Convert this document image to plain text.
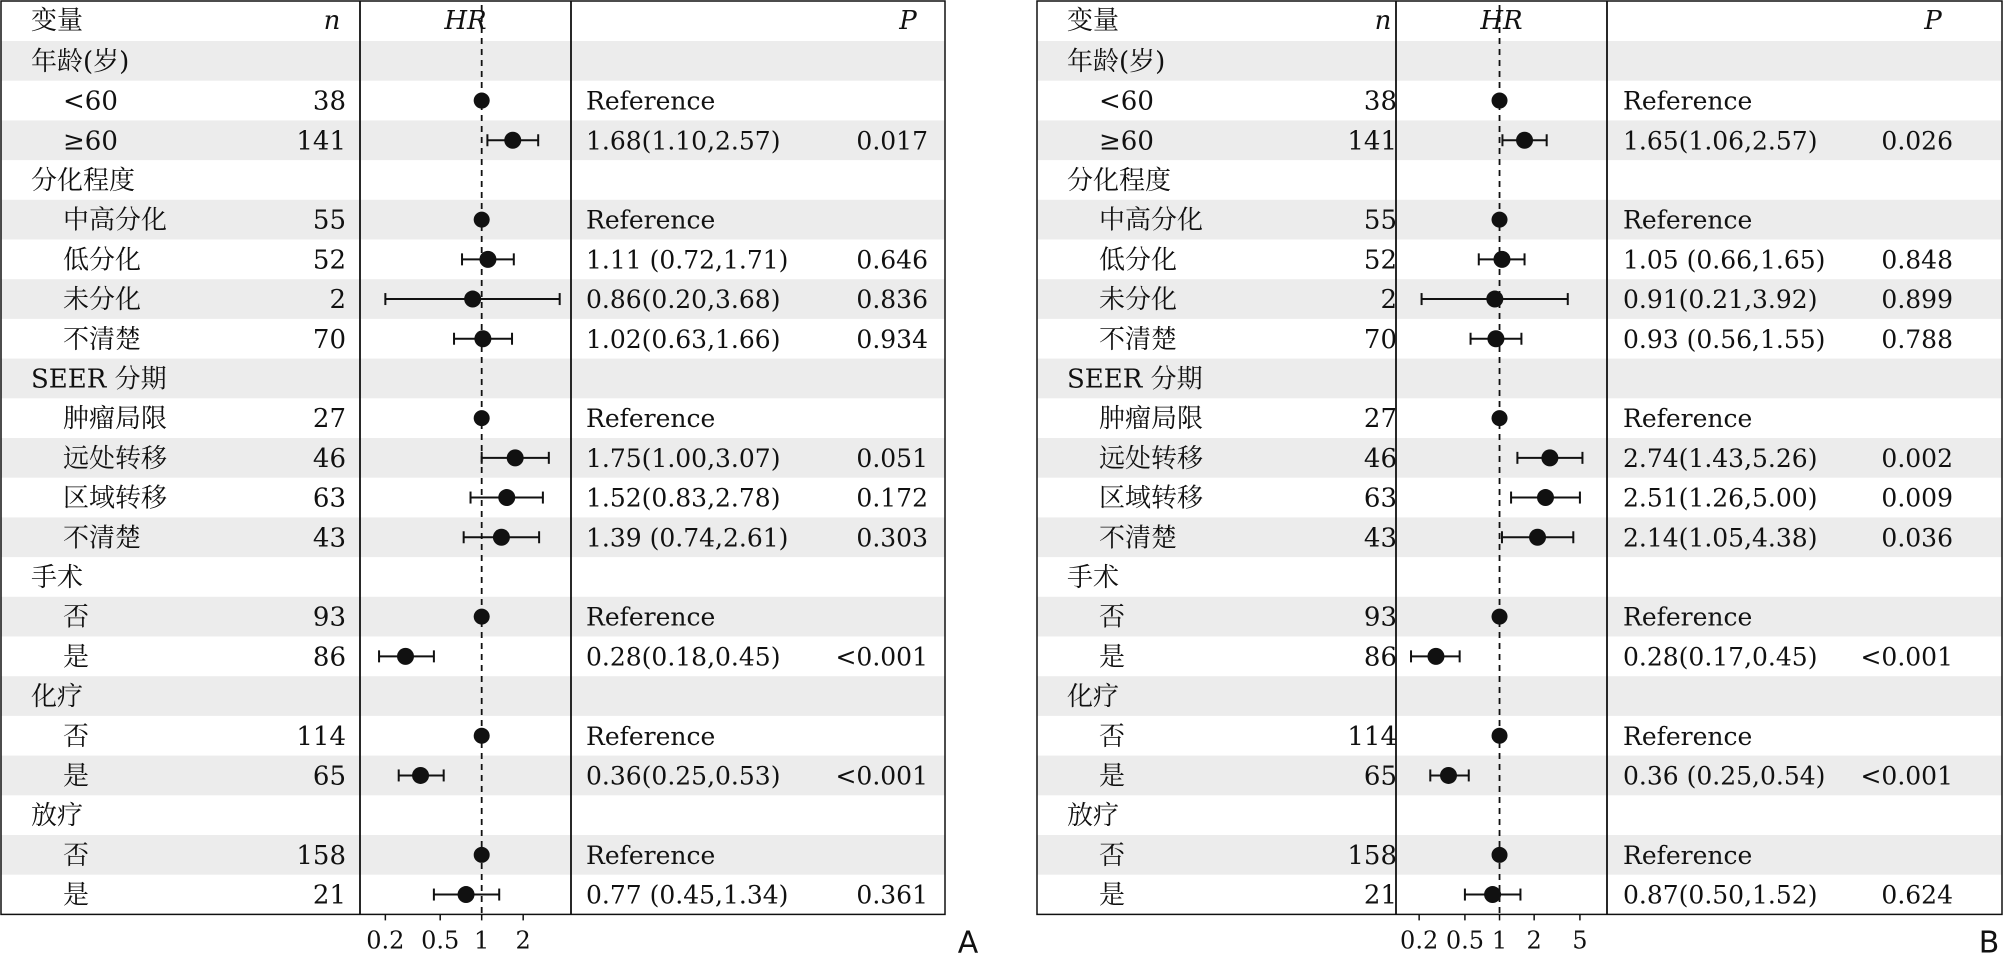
变量	n	HR	P
年龄(岁)
<60	38	Reference
≥60	141	1.68(1.10,2.57)	0.017
分化程度
中高分化	55	Reference
低分化	52	1.11 (0.72,1.71)	0.646
未分化	2	0.86(0.20,3.68)	0.836
不清楚	70	1.02(0.63,1.66)	0.934
SEER 分期
肿瘤局限	27	Reference
远处转移	46	1.75(1.00,3.07)	0.051
区域转移	63	1.52(0.83,2.78)	0.172
不清楚	43	1.39 (0.74,2.61)	0.303
手术
否	93	Reference
是	86	0.28(0.18,0.45) <0.001
化疗
否	114	Reference
是	65	0.36(0.25,0.53) <0.001
放疗
否	158	Reference
是	21	0.77 (0.45,1.34)	0.361
0.2 0.5 1 2	A
变量	n	HR	P
年龄(岁)
<60	38	Reference
≥60	141	1.65(1.06,2.57)	0.026
分化程度
中高分化	55	Reference
低分化	52	1.05 (0.66,1.65) 0.848
未分化	2	0.91(0.21,3.92)	0.899
不清楚	70	0.93 (0.56,1.55) 0.788
SEER 分期
肿瘤局限	27	Reference
远处转移	46	2.74(1.43,5.26)	0.002
区域转移	63	2.51(1.26,5.00)	0.009
不清楚	43	2.14(1.05,4.38)	0.036
手术
否	93	Reference
是	86	0.28(0.17,0.45) <0.001
化疗
否	114	Reference
是	65	0.36 (0.25,0.54) <0.001
放疗
否	158	Reference
是	21	0.87(0.50,1.52)	0.624
0.2 0.5 1 2 5	B
